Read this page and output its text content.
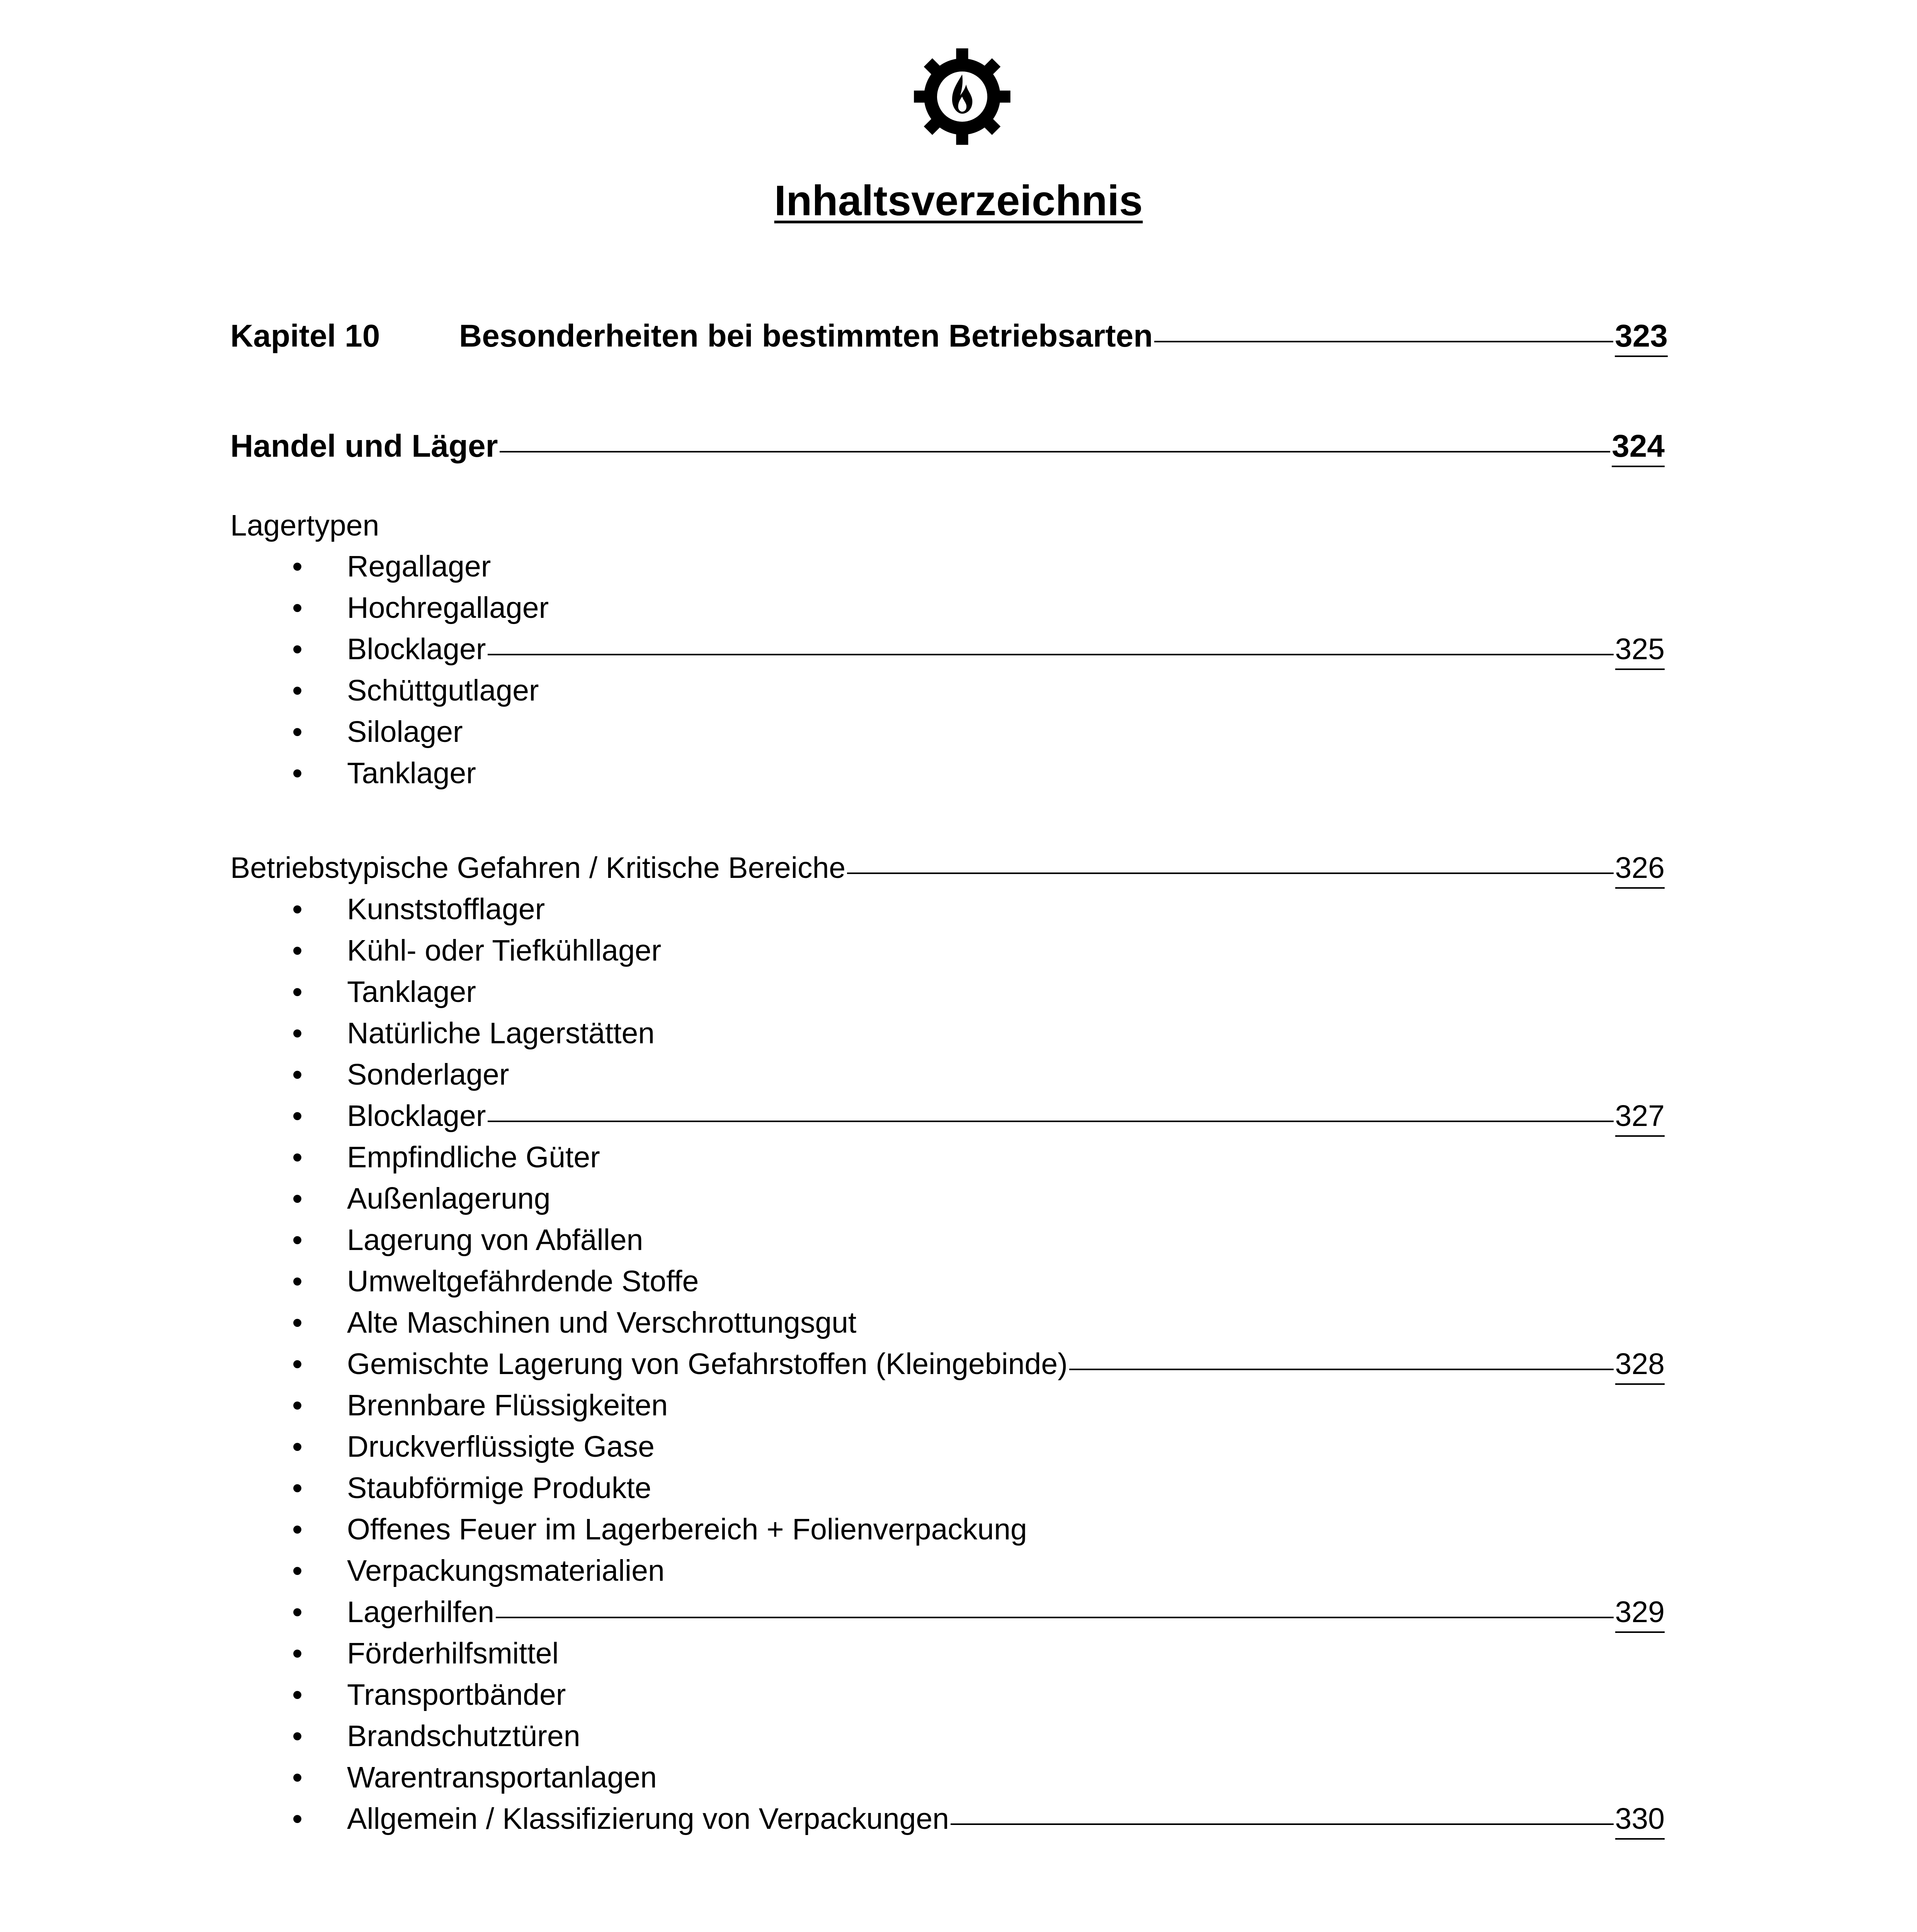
Inhaltsverzeichnis
Kapitel 10	Besonderheiten bei bestimmten Betriebsarten	323
Handel und Läger	324
Lagertypen
• Regallager
• Hochregallager
• Blocklager	325
• Schüttgutlager
• Silolager
• Tanklager
Betriebstypische Gefahren / Kritische Bereiche	326
• Kunststofflager
• Kühl- oder Tiefkühllager
• Tanklager
• Natürliche Lagerstätten
• Sonderlager
• Blocklager	327
• Empfindliche Güter
• Außenlagerung
• Lagerung von Abfällen
• Umweltgefährdende Stoffe
• Alte Maschinen und Verschrottungsgut
• Gemischte Lagerung von Gefahrstoffen (Kleingebinde)	328
• Brennbare Flüssigkeiten
• Druckverflüssigte Gase
• Staubförmige Produkte
• Offenes Feuer im Lagerbereich + Folienverpackung
• Verpackungsmaterialien
• Lagerhilfen	329
• Förderhilfsmittel
• Transportbänder
• Brandschutztüren
• Warentransportanlagen
• Allgemein / Klassifizierung von Verpackungen	330
